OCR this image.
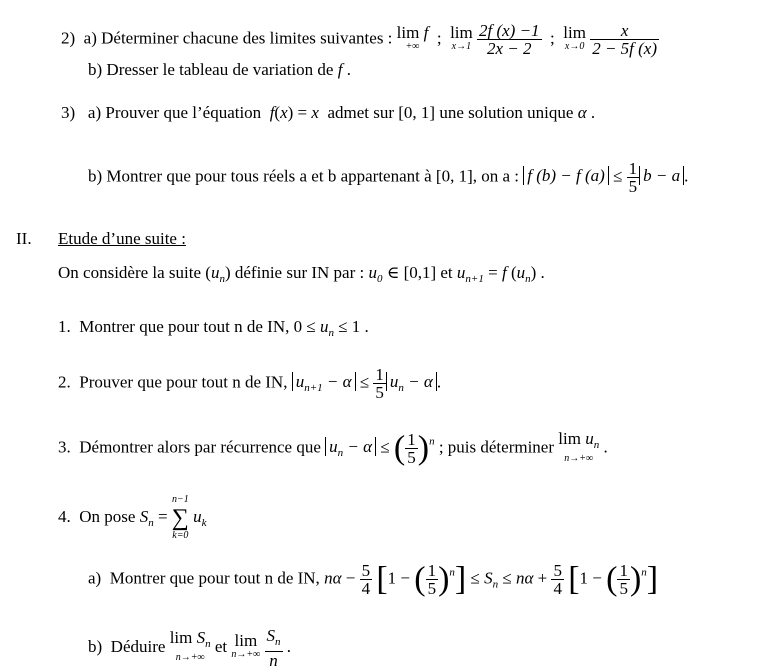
2) a) Déterminer chacune des limites suivantes : lim f
+∞ ; lim
x→1
$\frac{2f (x) -1}{2x - 2}$ ; lim
x→0
$\frac{x}{2 - 5f (x)}$
b) Dresser le tableau de variation de f .
3) a) Prouver que l’équation f(x) = x admet sur [0, 1] une solution unique α .
b) Montrer que pour tous réels a et b appartenant à [0, 1], on a : f (b) − f $(a) \le \frac{1}{5}$ b − a .
II. Etude d’une suite :
On considère la suite $(u_n)$ définie sur IN par : $u_0$ ∈ [0,1] et $u_{n+1} = f$ $(u_n)$ .
1. Montrer que pour tout n de IN, $0 \le u_n \le 1$ .
2. Prouver que pour tout n de IN, $u_{n+1} - \alpha \le \frac{1}{5} u_n - \alpha$ .
3. Démontrer alors par récurrence que $u_n - \alpha$ ≤ ( $\frac{1}{5} )^n$ ; puis déterminer $\lim u_n$
n→+∞
.
4. On pose $S_n$ =
n−1
∑
k=0
$u_k$
a) Montrer que pour tout n de IN, $n\alpha - \frac{5}{4} [1$ − ( $\frac{1}{5} )^n] \le S_n \le n\alpha + \frac{5}{4} [1$ − ( $\frac{1}{5} )^n$]
b) Déduire $\lim S_n$
n→+∞
et lim
n→+∞
$\frac{S_n}{n}$ .
